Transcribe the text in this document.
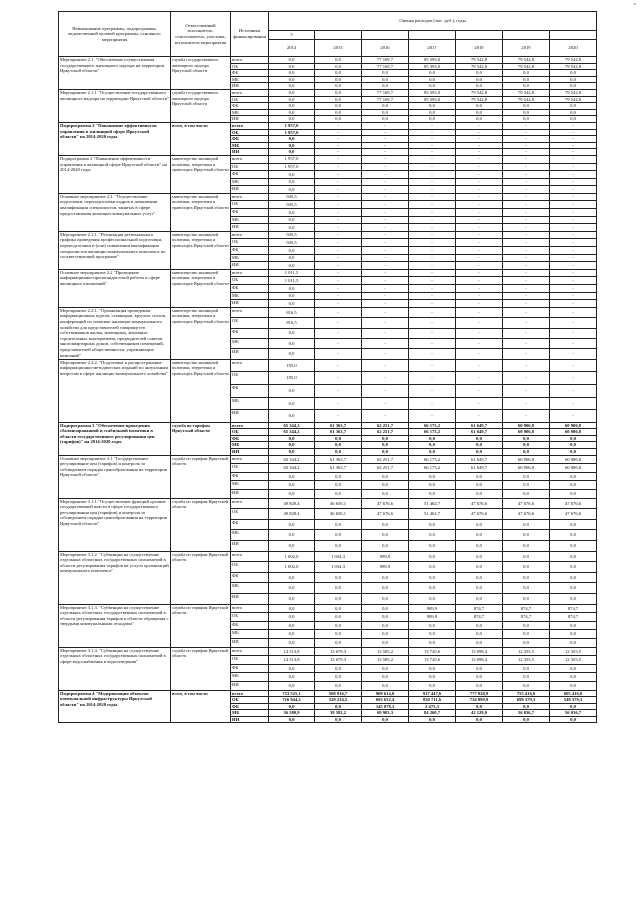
38
Наименование программы, подпрограммы, ведомственной целевой программы, основного мероприятия	Ответственный исполнитель, соисполнитель, участник, исполнитель мероприятия	Источники финансирования	Оценка расходов (тыс. руб.), годы						
			5						
			2014	2015	2016	2017	2018	2019	2020
Мероприятие 2.1. "Обеспечение осуществления государственного жилищного надзора на территории Иркутской области"	служба государственного жилищного надзора Иркутской области	всего	0,0	0,0	77 169,7	85 393,0	79 542,8	79 542,8	79 542,8
		ОБ	0,0	0,0	77 169,7	85 393,0	79 542,8	79 542,8	79 542,8
		ФБ	0,0	0,0	0,0	0,0	0,0	0,0	0,0
		МБ	0,0	0,0	0,0	0,0	0,0	0,0	0,0
		ИИ	0,0	0,0	0,0	0,0	0,0	0,0	0,0
Мероприятие 2.1.1 "Осуществление государственного жилищного надзора на территории Иркутской области"	служба государственного жилищного надзора Иркутской области	всего	0,0	0,0	77 169,7	85 393,0	79 542,8	79 542,8	79 542,8
		ОБ	0,0	0,0	77 169,7	85 393,0	79 542,8	79 542,8	79 542,8
		ФБ	0,0	0,0	0,0	0,0	0,0	0,0	0,0
		МБ	0,0	0,0	0,0	0,0	0,0	0,0	0,0
		ИИ	0,0	0,0	0,0	0,0	0,0	0,0	0,0
Подпрограмма 2 "Повышение эффективности управления в жилищной сфере Иркутской области" на 2014-2020 годы	всего, в том числе:	всего	1 957,0	-	-	-	-	-	-
		ОБ	1 957,0	-	-	-	-	-	-
		ФБ	0,0	-	-	-	-	-	-
		МБ	0,0	-	-	-	-	-	-
		ИИ	0,0	-	-	-	-	-	-
Подпрограмма 2 "Повышение эффективности управления в жилищной сфере Иркутской области" на 2014-2020 годы	министерство жилищной политики, энергетики и транспорта Иркутской области	всего	1 957,0	-	-	-	-	-	-
		ОБ	1 957,0	-	-	-	-	-	-
		ФБ	0,0	-	-	-	-	-	-
		МБ	0,0	-	-	-	-	-	-
		ИИ	0,0	-	-	-	-	-	-
Основное мероприятие 2.1. "Осуществление подготовки, переподготовки кадров и повышения квалификации специалистов, занятых в сфере предоставления жилищно-коммунальных услуг"	министерство жилищной политики, энергетики и транспорта Иркутской области	всего	945,5	-	-	-	-	-	-
		ОБ	945,5	-	-	-	-	-	-
		ФБ	0,0	-	-	-	-	-	-
		МБ	0,0	-	-	-	-	-	-
		ИИ	0,0	-	-	-	-	-	-
Мероприятие 2.1.1. "Реализация регионального графика проведения профессиональной подготовки, переподготовки и (или) повышения квалификации специалистов жилищно-коммунального комплекса по соответствующей программе"	министерство жилищной политики, энергетики и транспорта Иркутской области	всего	945,5	-	-	-	-	-	-
		ОБ	945,5	-	-	-	-	-	-
		ФБ	0,0	-	-	-	-	-	-
		МБ	0,0	-	-	-	-	-	-
		ИИ	0,0	-	-	-	-	-	-
Основное мероприятие 2.2 "Проведение информационно-пропагандистской работы в сфере жилищных отношений"	министерство жилищной политики, энергетики и транспорта Иркутской области	всего	1 011,5	-	-	-	-	-	-
		ОБ	1 011,5	-	-	-	-	-	-
		ФБ	0,0	-	-	-	-	-	-
		МБ	0,0	-	-	-	-	-	-
		ИИ	0,0	-	-	-	-	-	-
Мероприятие 2.2.1. "Организация проведения информационных курсов, семинаров, круглых столов, конференций по тематике жилищно-коммунального хозяйства для представителей товариществ собственников жилья, жилищных, жилищно-строительных кооперативов, предводителей советов многоквартирных домов, собственников помещений, представителей общественности, управляющих компаний"	министерство жилищной политики, энергетики и транспорта Иркутской области	всего	816,5	-	-	-	-	-	-
		ОБ	816,5	-	-	-	-	-	-
		ФБ	0,0	-	-	-	-	-	-
		МБ	0,0	-	-	-	-	-	-
		ИИ	0,0	-	-	-	-	-	-
Мероприятие 2.2.2. "Подготовка и распространение информационно-методических изданий по актуальным вопросам в сфере жилищно-коммунального хозяйства"	министерство жилищной политики, энергетики и транспорта Иркутской области	всего	195,0	-	-	-	-	-	-
		ОБ	195,0	-	-	-	-	-	-
		ФБ	0,0	-	-	-	-	-	-
		МБ	0,0	-	-	-	-	-	-
		ИИ	0,0	-	-	-	-	-	-
Подпрограмма 3 "Обеспечение проведения сбалансированной и стабильной политики в области государственного регулирования цен (тарифов)" на 2014-2020 годы	служба по тарифам Иркутской области	всего	65 344,2	61 363,7	62 251,7	66 173,2	61 649,7	60 906,8	60 906,8
		ОБ	65 344,2	61 363,7	62 251,7	66 173,2	61 649,7	60 906,8	60 906,8
		ФБ	0,0	0,0	0,0	0,0	0,0	0,0	0,0
		МБ	0,0	0,0	0,0	0,0	0,0	0,0	0,0
		ИИ	0,0	0,0	0,0	0,0	0,0	0,0	0,0
Основное мероприятие 3.1 "Государственное регулирование цен (тарифов) и контроль за соблюдением порядка ценообразования на территории Иркутской области"	служба по тарифам Иркутской области	всего	65 344,2	61 363,7	62 251,7	66 173,2	61 649,7	60 906,8	60 906,8
		ОБ	65 344,2	61 363,7	62 251,7	66 173,2	61 649,7	60 906,8	60 906,8
		ФБ	0,0	0,0	0,0	0,0	0,0	0,0	0,0
		МБ	0,0	0,0	0,0	0,0	0,0	0,0	0,0
		ИИ	0,0	0,0	0,0	0,0	0,0	0,0	0,0
Мероприятие 3.1.1."Осуществление функций органов государственной власти в сфере государственного регулирования цен (тарифов) и контроля за соблюдением порядка ценообразования на территории Иркутской области"	служба по тарифам Иркутской области	всего	49 828,4	46 650,1	47 676,6	51 462,7	47 676,6	47 676,6	47 676,6
		ОБ	49 828,4	46 650,1	47 676,6	51 462,7	47 676,6	47 676,6	47 676,6
		ФБ	0,0	0,0	0,0	0,0	0,0	0,0	0,0
		МБ	0,0	0,0	0,0	0,0	0,0	0,0	0,0
		ИИ	0,0	0,0	0,0	0,0	0,0	0,0	0,0
Мероприятие 3.1.2. "Субвенции на осуществление отдельных областных государственных полномочий в области регулирования тарифов на услуги организаций коммунального комплекса"	служба по тарифам Иркутской области	всего	1 002,0	1 034,3	989,9	0,0	0,0	0,0	0,0
		ОБ	1 002,0	1 034,3	989,9	0,0	0,0	0,0	0,0
		ФБ	0,0	0,0	0,0	0,0	0,0	0,0	0,0
		МБ	0,0	0,0	0,0	0,0	0,0	0,0	0,0
		ИИ	0,0	0,0	0,0	0,0	0,0	0,0	0,0
Мероприятие 3.1.3. "Субвенции на осуществление отдельных областных государственных полномочий в области регулирования тарифов в области обращения с твердыми коммунальными отходами"	служба по тарифам Иркутской области	всего	0,0	0,0	0,0	989,9	874,7	874,7	874,7
		ОБ	0,0	0,0	0,0	989,9	874,7	874,7	874,7
		ФБ	0,0	0,0	0,0	0,0	0,0	0,0	0,0
		МБ	0,0	0,0	0,0	0,0	0,0	0,0	0,0
		ИИ	0,0	0,0	0,0	0,0	0,0	0,0	0,0
Мероприятие 3.1.4. "Субвенции на осуществление отдельных областных государственных полномочий в сфере водоснабжения и водоотведения"	служба по тарифам Иркутской области	всего	14 513,8	13 679,3	13 585,2	13 720,6	13 098,4	12 355,5	12 355,5
		ОБ	14 513,8	13 679,3	13 585,2	13 720,6	13 098,4	12 355,5	12 355,5
		ФБ	0,0	0,0	0,0	0,0	0,0	0,0	0,0
		МБ	0,0	0,0	0,0	0,0	0,0	0,0	0,0
		ИИ	0,0	0,0	0,0	0,0	0,0	0,0	0,0
Подпрограмма 4 "Модернизация объектов коммунальной инфраструктуры Иркутской области" на 2014-2020 годы	всего, в том числе:	всего	753 525,1	568 816,7	908 614,0	917 447,6	777 028,9	755 416,0	605 416,0
		ОБ	716 944,2	529 234,5	693 632,4	830 711,6	734 899,9	699 379,3	549 379,3
		ФБ	0,0	0,0	145 078,3	2 475,3	0,0	0,0	0,0
		МБ	36 580,9	39 582,2	69 903,3	84 260,7	42 129,0	56 036,7	56 036,7
		ИИ	0,0	0,0	0,0	0,0	0,0	0,0	0,0
